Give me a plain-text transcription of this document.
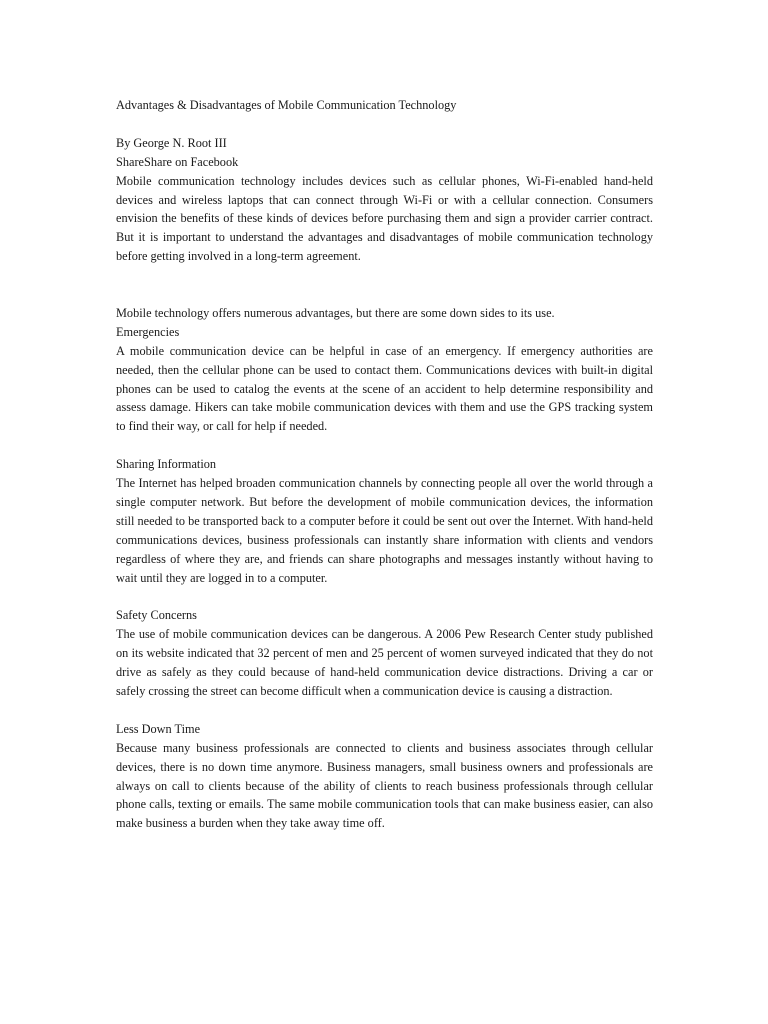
Advantages & Disadvantages of Mobile Communication Technology

By George N. Root III

ShareShare on Facebook

Mobile communication technology includes devices such as cellular phones, Wi-Fi-enabled hand-held devices and wireless laptops that can connect through Wi-Fi or with a cellular connection. Consumers envision the benefits of these kinds of devices before purchasing them and sign a provider carrier contract. But it is important to understand the advantages and disadvantages of mobile communication technology before getting involved in a long-term agreement.

Mobile technology offers numerous advantages, but there are some down sides to its use.

Emergencies

A mobile communication device can be helpful in case of an emergency. If emergency authorities are needed, then the cellular phone can be used to contact them. Communications devices with built-in digital phones can be used to catalog the events at the scene of an accident to help determine responsibility and assess damage. Hikers can take mobile communication devices with them and use the GPS tracking system to find their way, or call for help if needed.

Sharing Information

The Internet has helped broaden communication channels by connecting people all over the world through a single computer network. But before the development of mobile communication devices, the information still needed to be transported back to a computer before it could be sent out over the Internet. With hand-held communications devices, business professionals can instantly share information with clients and vendors regardless of where they are, and friends can share photographs and messages instantly without having to wait until they are logged in to a computer.

Safety Concerns

The use of mobile communication devices can be dangerous. A 2006 Pew Research Center study published on its website indicated that 32 percent of men and 25 percent of women surveyed indicated that they do not drive as safely as they could because of hand-held communication device distractions. Driving a car or safely crossing the street can become difficult when a communication device is causing a distraction.

Less Down Time

Because many business professionals are connected to clients and business associates through cellular devices, there is no down time anymore. Business managers, small business owners and professionals are always on call to clients because of the ability of clients to reach business professionals through cellular phone calls, texting or emails. The same mobile communication tools that can make business easier, can also make business a burden when they take away time off.
